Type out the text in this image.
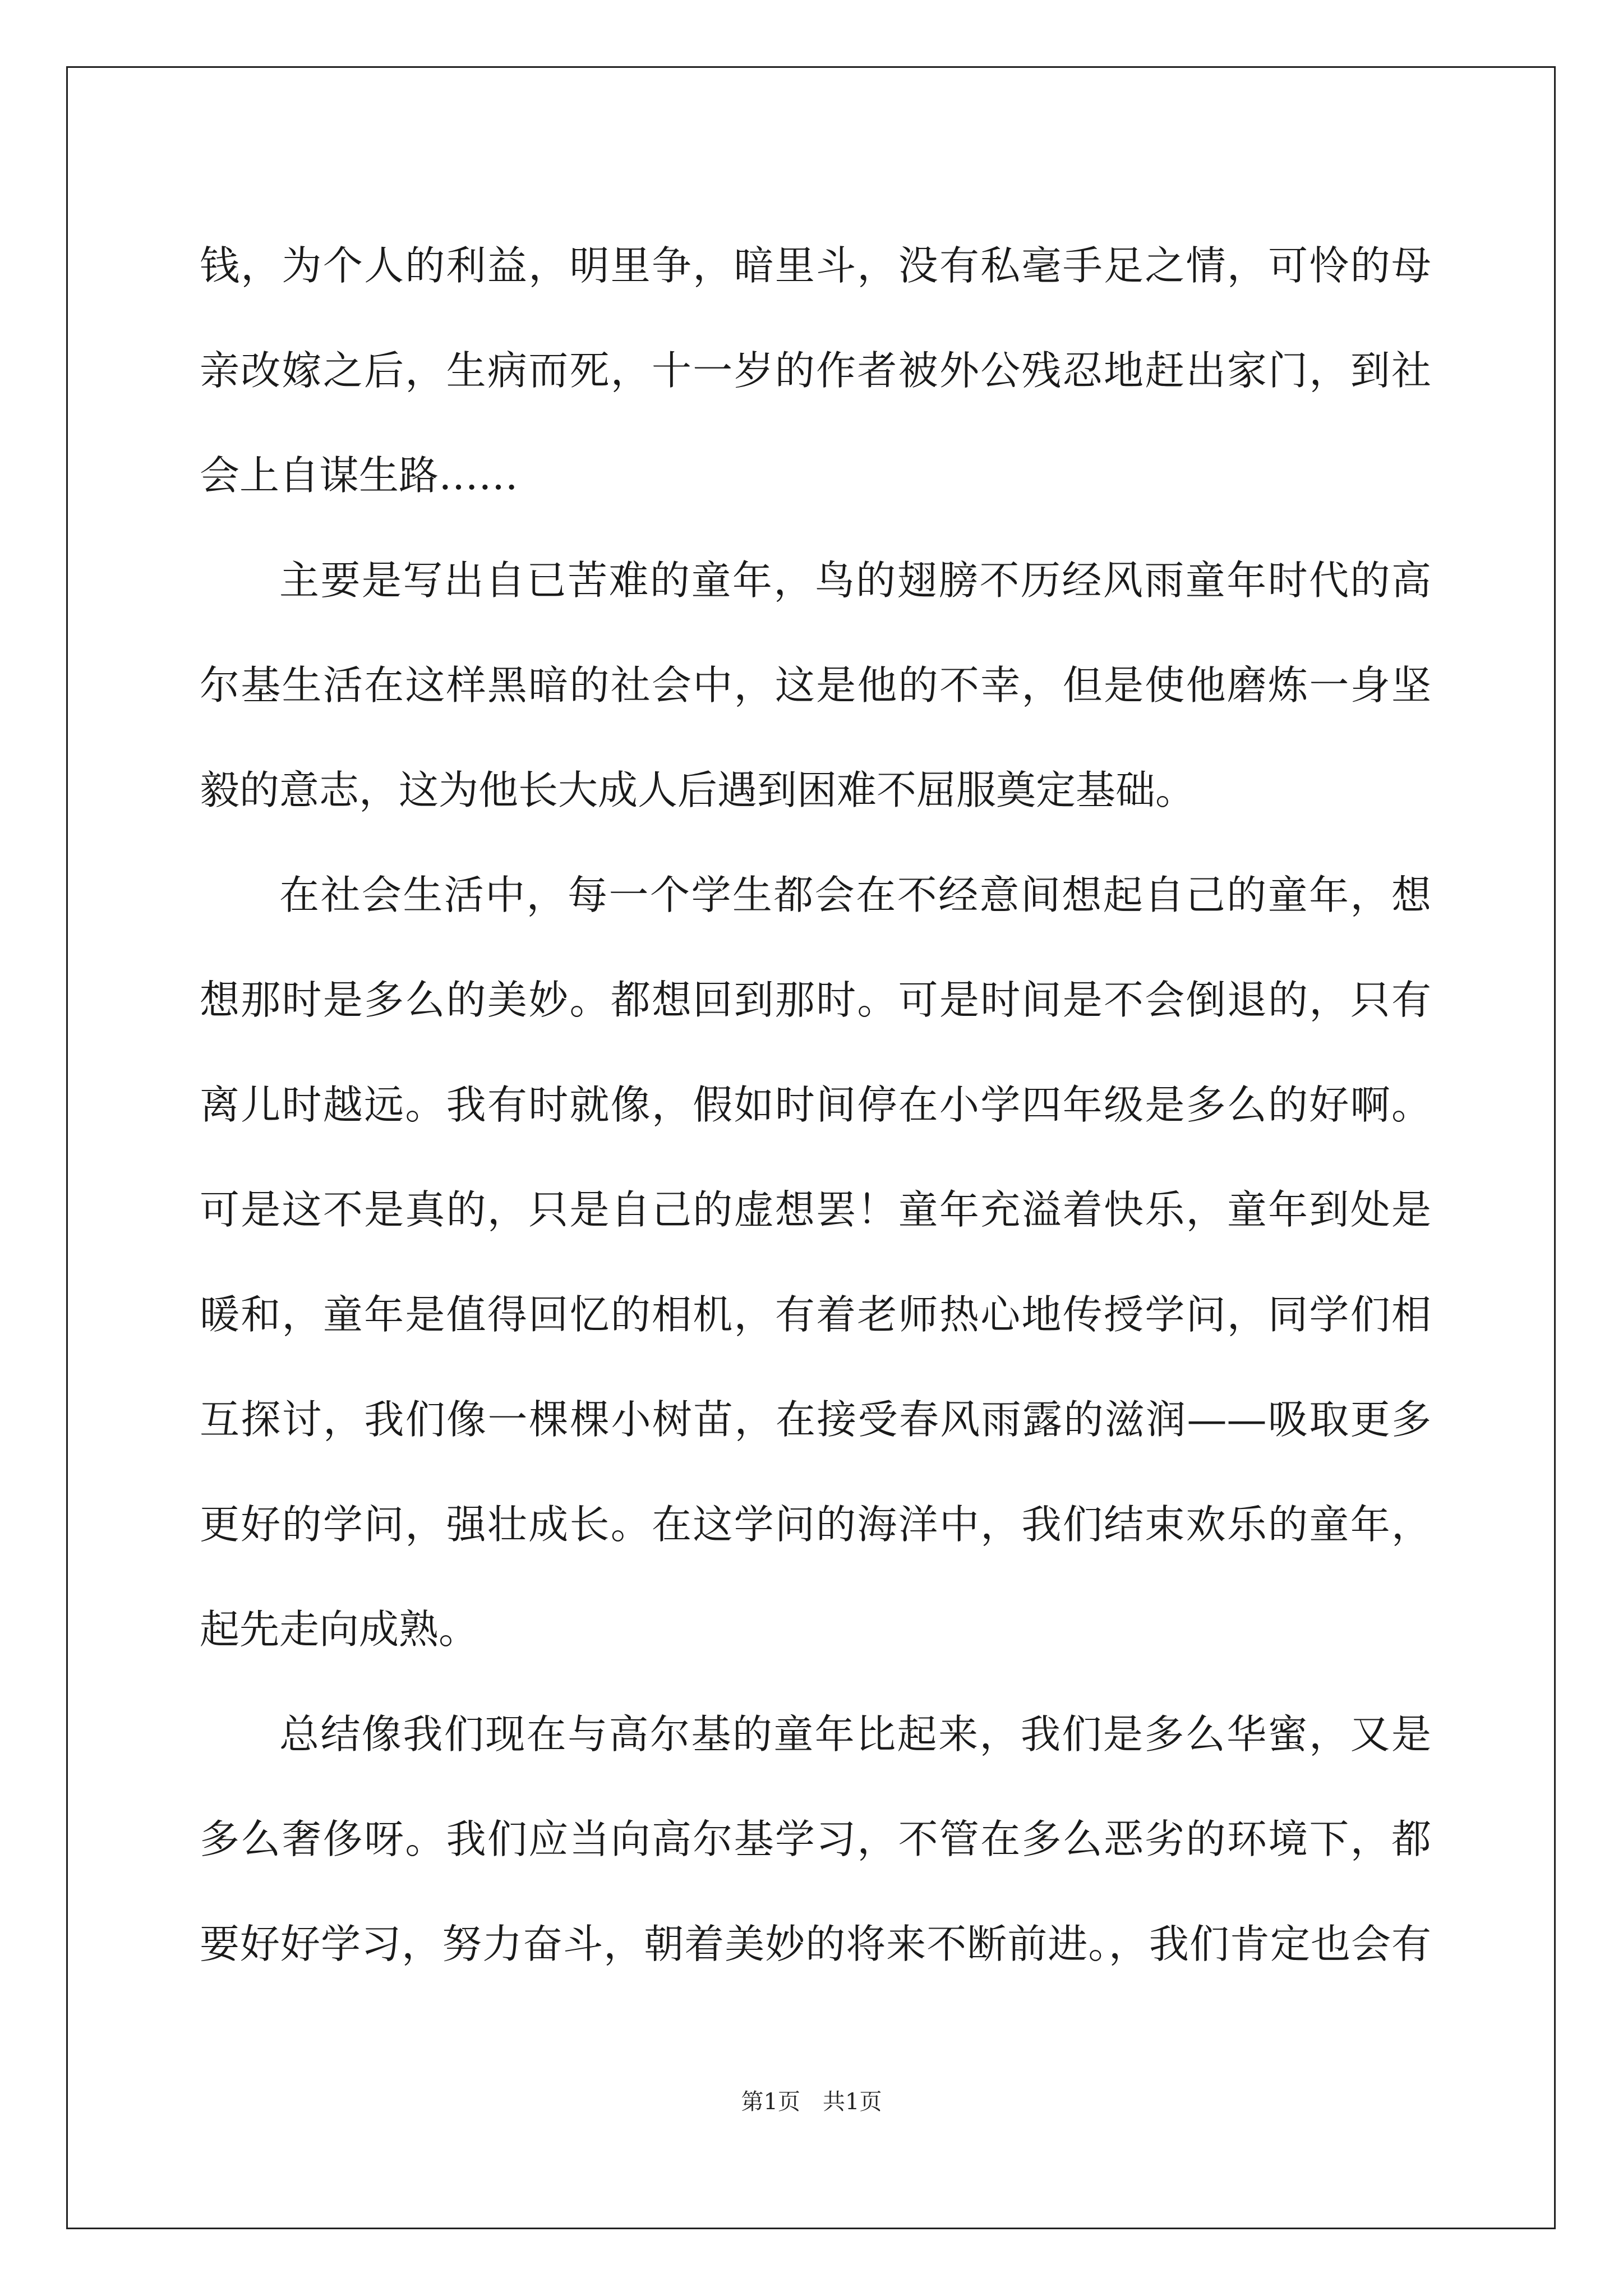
钱，为个人的利益，明里争，暗里斗，没有私毫手足之情，可怜的母
亲改嫁之后，生病而死，十一岁的作者被外公残忍地赶出家门，到社
会上自谋生路……
主要是写出自已苦难的童年，鸟的翅膀不历经风雨童年时代的高
尔基生活在这样黑暗的社会中，这是他的不幸，但是使他磨炼一身坚
毅的意志，这为他长大成人后遇到困难不屈服奠定基础。
在社会生活中，每一个学生都会在不经意间想起自己的童年，想
想那时是多么的美妙。都想回到那时。可是时间是不会倒退的，只有
离儿时越远。我有时就像，假如时间停在小学四年级是多么的好啊。
可是这不是真的，只是自己的虚想罢！童年充溢着快乐，童年到处是
暖和，童年是值得回忆的相机，有着老师热心地传授学问，同学们相
互探讨，我们像一棵棵小树苗，在接受春风雨露的滋润——吸取更多
更好的学问，强壮成长。在这学问的海洋中，我们结束欢乐的童年，
起先走向成熟。
总结像我们现在与高尔基的童年比起来，我们是多么华蜜，又是
多么奢侈呀。我们应当向高尔基学习，不管在多么恶劣的环境下，都
要好好学习，努力奋斗，朝着美妙的将来不断前进。，我们肯定也会有
第1页　共1页
